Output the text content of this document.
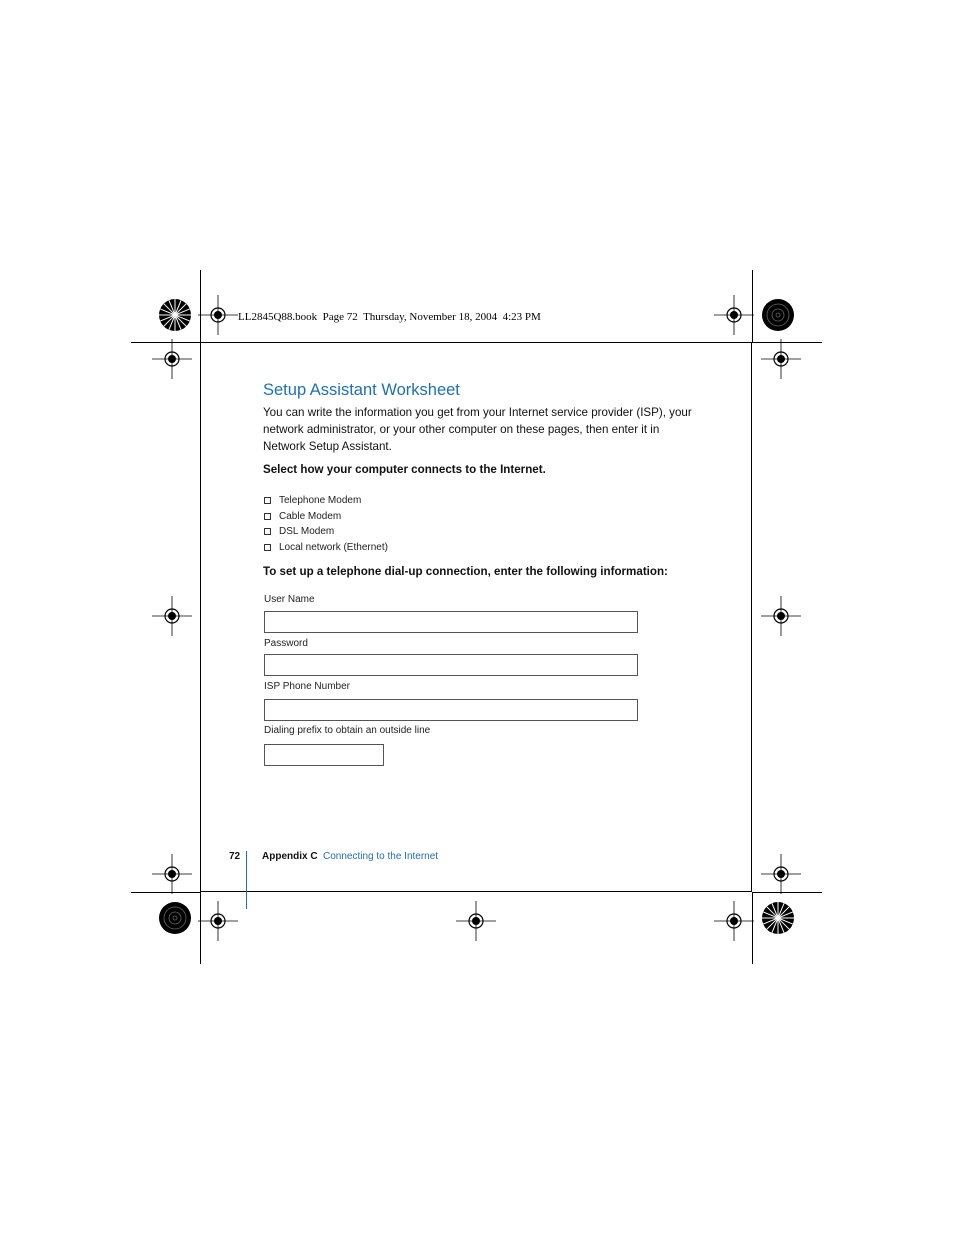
LL2845Q88.book  Page 72  Thursday, November 18, 2004  4:23 PM
Setup Assistant Worksheet
You can write the information you get from your Internet service provider (ISP), your
network administrator, or your other computer on these pages, then enter it in
Network Setup Assistant.
Select how your computer connects to the Internet.
Telephone Modem
Cable Modem
DSL Modem
Local network (Ethernet)
To set up a telephone dial-up connection, enter the following information:
User Name
Password
ISP Phone Number
Dialing prefix to obtain an outside line
72 Appendix C Connecting to the Internet
